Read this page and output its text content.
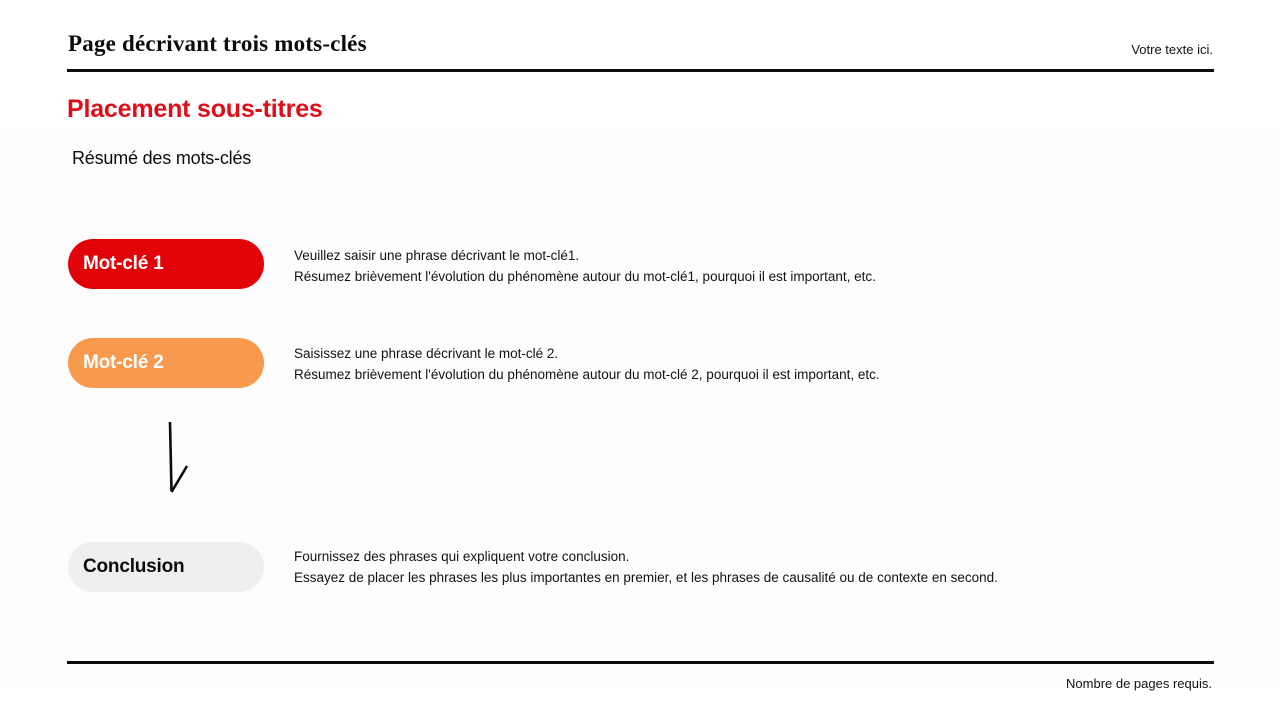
Page décrivant trois mots-clés	Votre texte ici.
Placement sous-titres
Résumé des mots-clés
Mot-clé 1	Veuillez saisir une phrase décrivant le mot-clé1.
Résumez brièvement l'évolution du phénomène autour du mot-clé1, pourquoi il est important, etc.
Mot-clé 2	Saisissez une phrase décrivant le mot-clé 2.
Résumez brièvement l'évolution du phénomène autour du mot-clé 2, pourquoi il est important, etc.
Conclusion	Fournissez des phrases qui expliquent votre conclusion.
Essayez de placer les phrases les plus importantes en premier, et les phrases de causalité ou de contexte en second.
Nombre de pages requis.
